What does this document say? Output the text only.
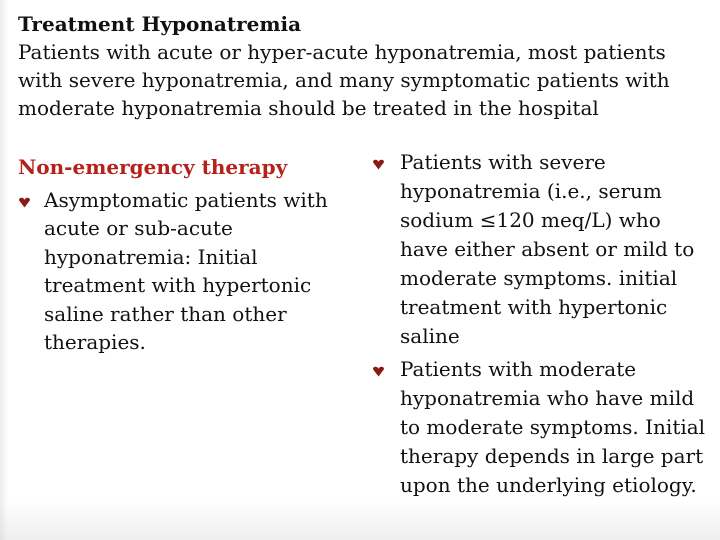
Treatment Hyponatremia
Patients with acute or hyper-acute hyponatremia, most patients with severe hyponatremia, and many symptomatic patients with moderate hyponatremia should be treated in the hospital
Non-emergency therapy
Asymptomatic patients with acute or sub-acute hyponatremia: Initial treatment with hypertonic saline rather than other therapies.
Patients with severe hyponatremia (i.e., serum sodium ≤120 meq/L) who have either absent or mild to moderate symptoms. initial treatment with hypertonic saline
Patients with moderate hyponatremia who have mild to moderate symptoms. Initial therapy depends in large part upon the underlying etiology.
